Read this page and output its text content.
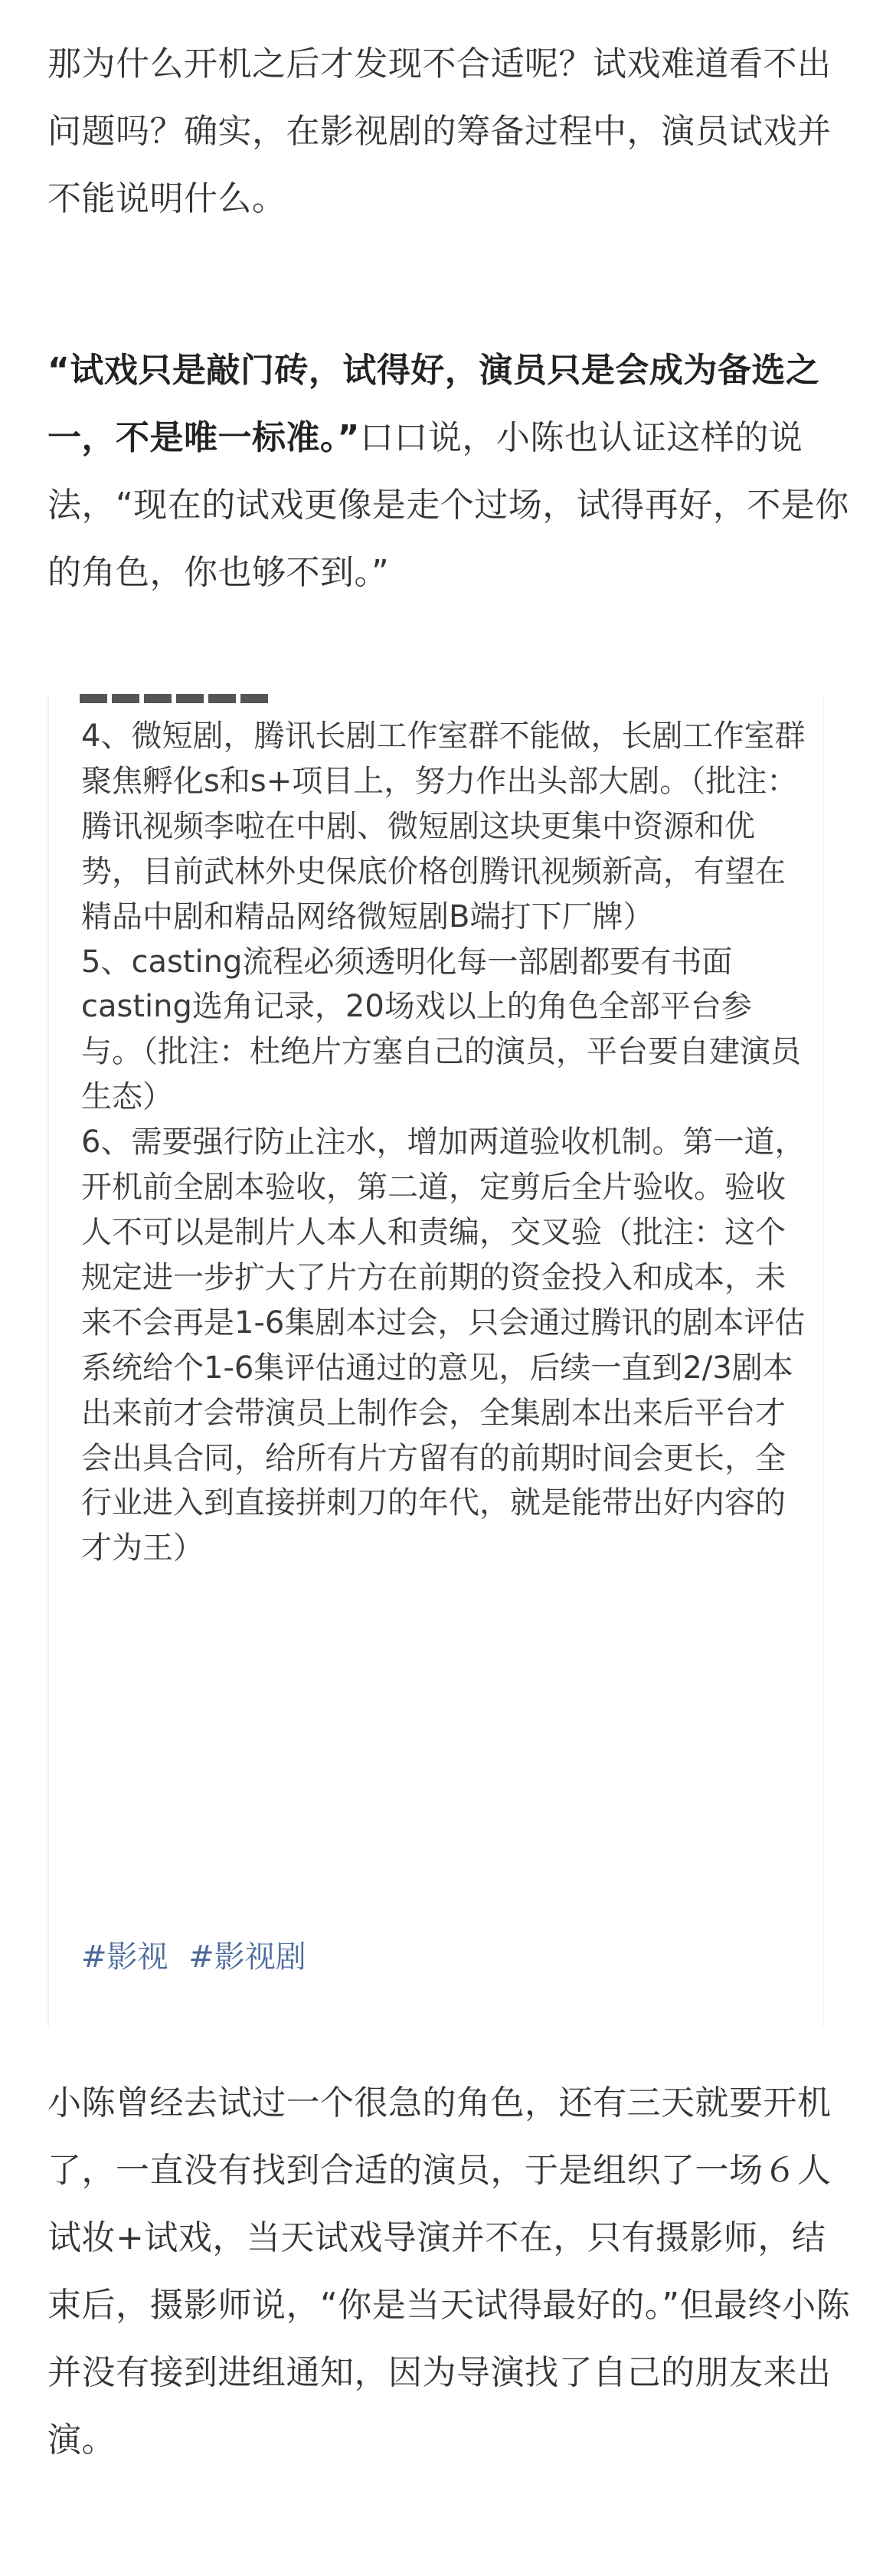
那为什么开机之后才发现不合适呢？试戏难道看不出问题吗？确实，在影视剧的筹备过程中，演员试戏并不能说明什么。

“试戏只是敲门砖，试得好，演员只是会成为备选之一，不是唯一标准。”口口说，小陈也认证这样的说法，“现在的试戏更像是走个过场，试得再好，不是你的角色，你也够不到。”

4、微短剧，腾讯长剧工作室群不能做，长剧工作室群聚焦孵化s和s+项目上，努力作出头部大剧。（批注：腾讯视频李啦在中剧、微短剧这块更集中资源和优势，目前武林外史保底价格创腾讯视频新高，有望在精品中剧和精品网络微短剧B端打下厂牌）
5、casting流程必须透明化每一部剧都要有书面casting选角记录，20场戏以上的角色全部平台参与。（批注：杜绝片方塞自己的演员，平台要自建演员生态）
6、需要强行防止注水，增加两道验收机制。第一道，开机前全剧本验收，第二道，定剪后全片验收。验收人不可以是制片人本人和责编，交叉验（批注：这个规定进一步扩大了片方在前期的资金投入和成本，未来不会再是1-6集剧本过会，只会通过腾讯的剧本评估系统给个1-6集评估通过的意见，后续一直到2/3剧本出来前才会带演员上制作会，全集剧本出来后平台才会出具合同，给所有片方留有的前期时间会更长，全行业进入到直接拼刺刀的年代，就是能带出好内容的才为王）
#影视 #影视剧

小陈曾经去试过一个很急的角色，还有三天就要开机了，一直没有找到合适的演员，于是组织了一场６人试妆+试戏，当天试戏导演并不在，只有摄影师，结束后，摄影师说，“你是当天试得最好的。”但最终小陈并没有接到进组通知，因为导演找了自己的朋友来出演。
